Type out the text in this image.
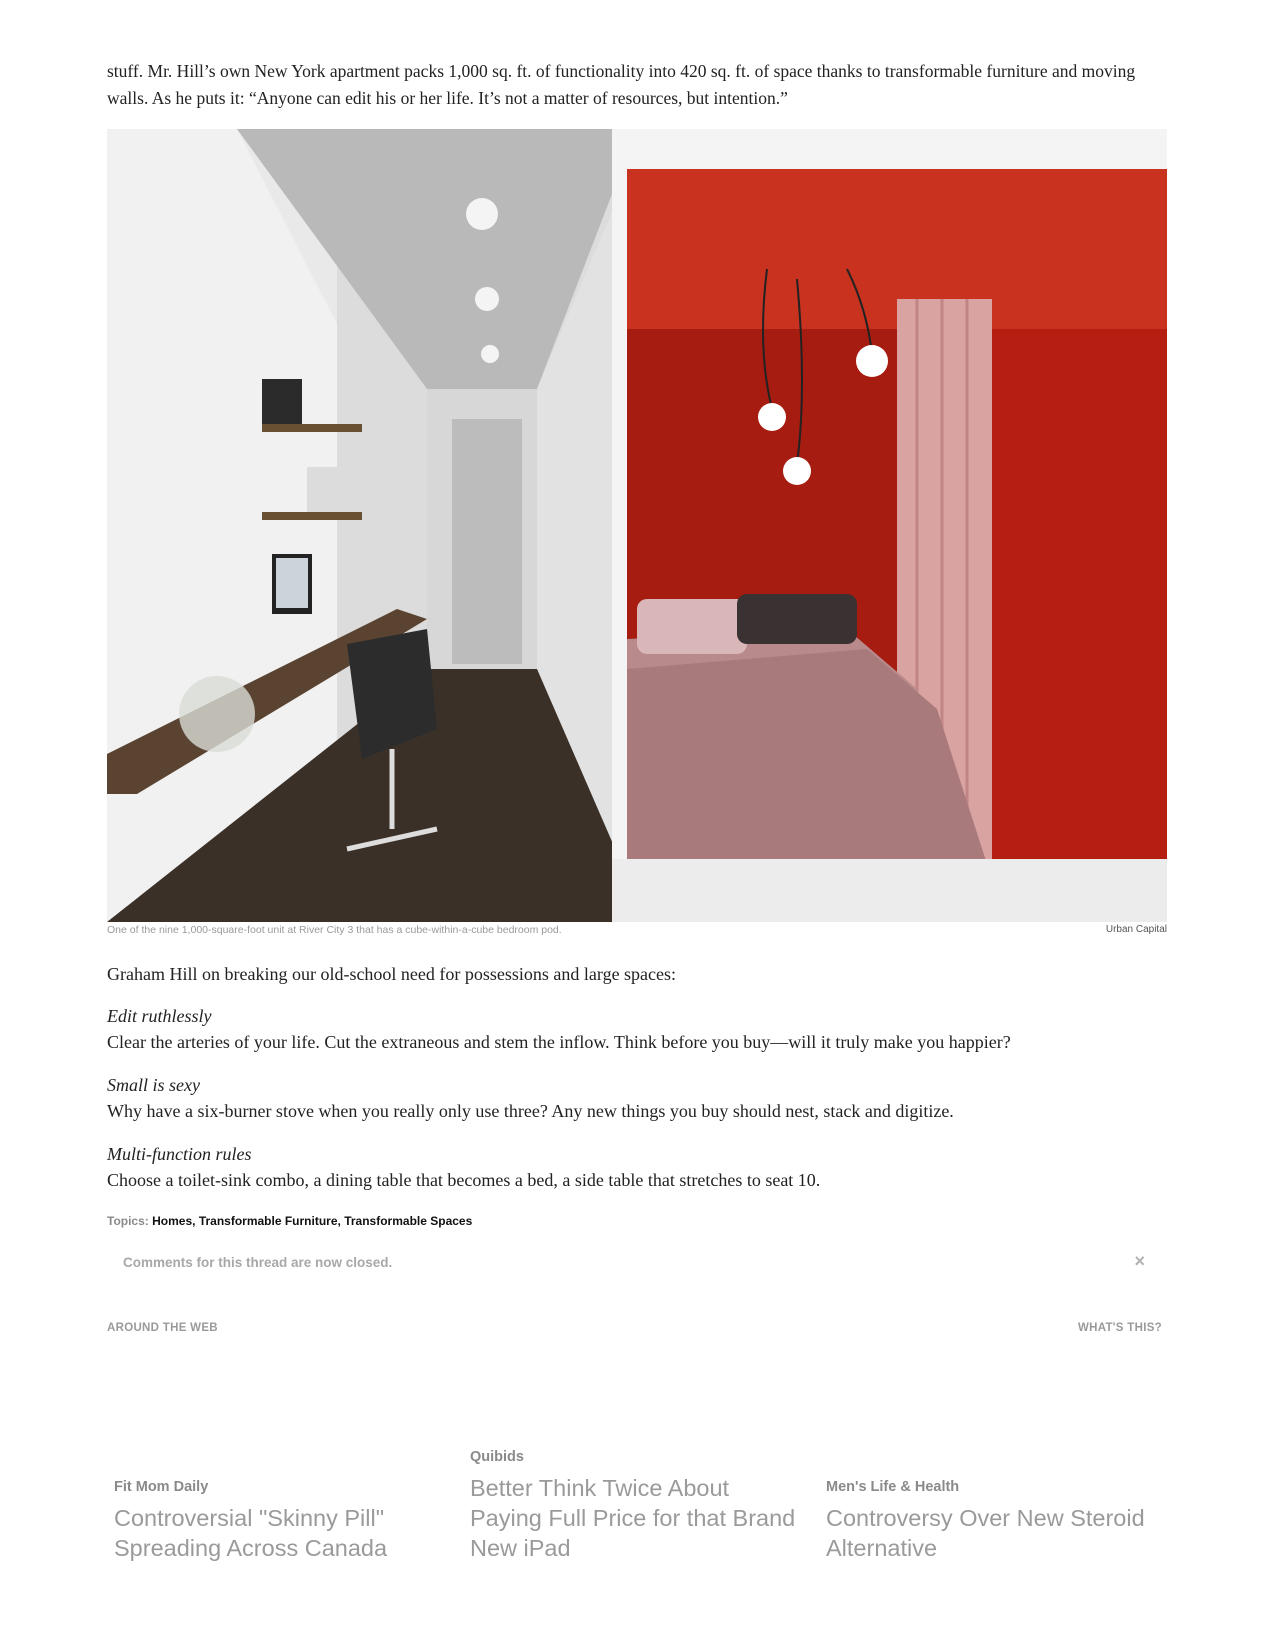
stuff. Mr. Hill’s own New York apartment packs 1,000 sq. ft. of functionality into 420 sq. ft. of space thanks to transformable furniture and moving walls. As he puts it: “Anyone can edit his or her life. It’s not a matter of resources, but intention.”

One of the nine 1,000-square-foot unit at River City 3 that has a cube-within-a-cube bedroom pod.	Urban Capital

Graham Hill on breaking our old-school need for possessions and large spaces:

Edit ruthlessly
Clear the arteries of your life. Cut the extraneous and stem the inflow. Think before you buy—will it truly make you happier?
Small is sexy
Why have a six-burner stove when you really only use three? Any new things you buy should nest, stack and digitize.
Multi-function rules
Choose a toilet-sink combo, a dining table that becomes a bed, a side table that stretches to seat 10.
Topics: Homes, Transformable Furniture, Transformable Spaces
Comments for this thread are now closed.	×
AROUND THE WEB	WHAT'S THIS?
Fit Mom Daily
Controversial "Skinny Pill" Spreading Across Canada
Quibids
Better Think Twice About Paying Full Price for that Brand New iPad
Men's Life & Health
Controversy Over New Steroid Alternative
